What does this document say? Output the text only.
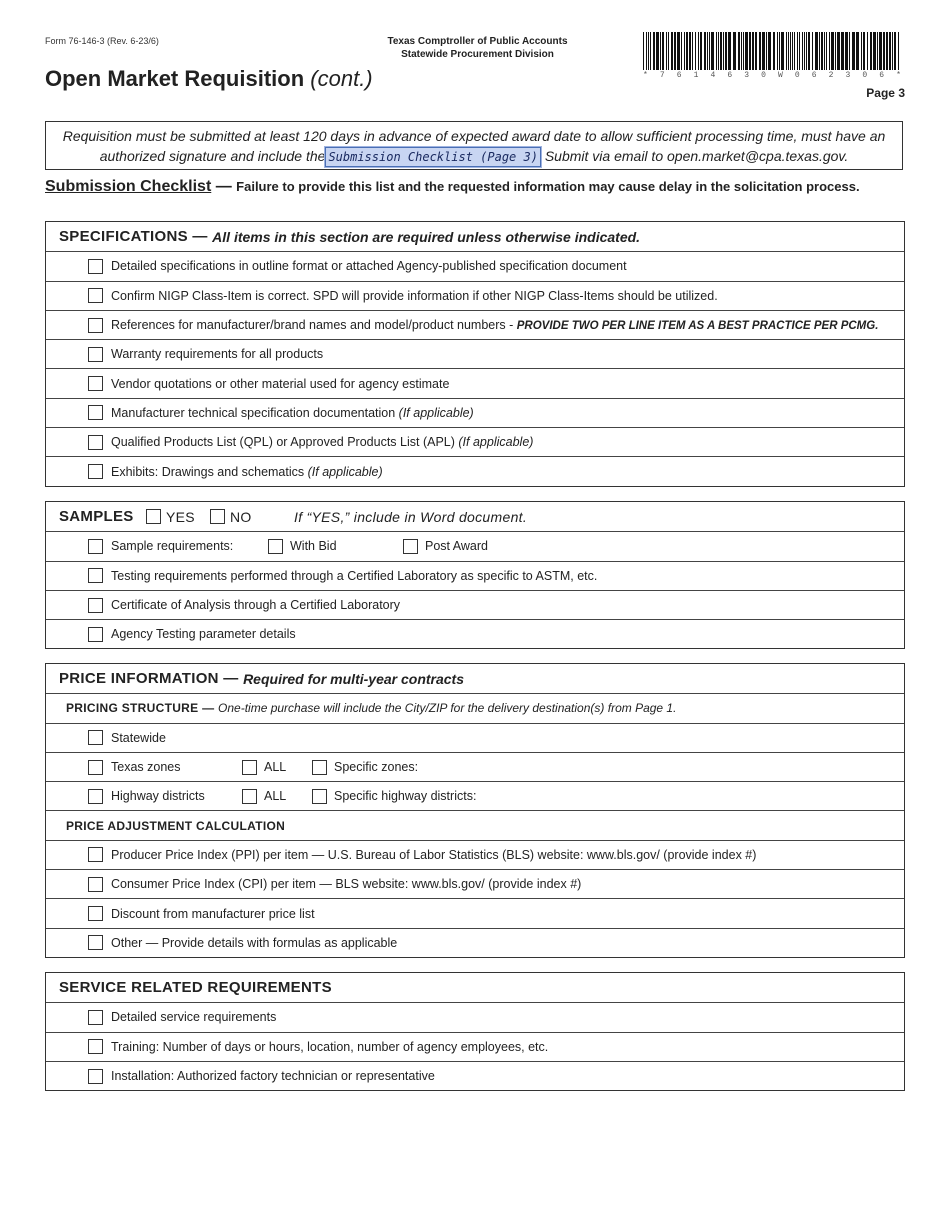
Form 76-146-3 (Rev. 6-23/6)	Texas Comptroller of Public Accounts
Statewide Procurement Division
Open Market Requisition (cont.)	* 7 6 1 4 6 3 0 W 0 6 2 3 0 6 *
Page 3
Requisition must be submitted at least 120 days in advance of expected award date to allow sufficient processing time, must have an authorized signature and include the Submission Checklist (Page 3) Submit via email to open.market@cpa.texas.gov.
Submission Checklist — Failure to provide this list and the requested information may cause delay in the solicitation process.
SPECIFICATIONS —
All items in this section are required unless otherwise indicated.
Detailed specifications in outline format or attached Agency-published specification document
Confirm NIGP Class-Item is correct. SPD will provide information if other NIGP Class-Items should be utilized.
References for manufacturer/brand names and model/product numbers - PROVIDE TWO PER LINE ITEM AS A BEST PRACTICE PER PCMG.
Warranty requirements for all products
Vendor quotations or other material used for agency estimate
Manufacturer technical specification documentation (If applicable)
Qualified Products List (QPL) or Approved Products List (APL) (If applicable)
Exhibits: Drawings and schematics (If applicable)
SAMPLES YES	NO	If “YES,” include in Word document.
Sample requirements:	With Bid	Post Award
Testing requirements performed through a Certified Laboratory as specific to ASTM, etc.
Certificate of Analysis through a Certified Laboratory
Agency Testing parameter details
PRICE INFORMATION —
Required for multi-year contracts
PRICING STRUCTURE —
One-time purchase will include the City/ZIP for the delivery destination(s) from Page 1.
Statewide
Texas zones	ALL	Specific zones:
Highway districts	ALL	Specific highway districts:
PRICE ADJUSTMENT CALCULATION
Producer Price Index (PPI) per item — U.S. Bureau of Labor Statistics (BLS) website: www.bls.gov/ (provide index #)
Consumer Price Index (CPI) per item — BLS website: www.bls.gov/ (provide index #)
Discount from manufacturer price list
Other — Provide details with formulas as applicable
SERVICE RELATED REQUIREMENTS
Detailed service requirements
Training: Number of days or hours, location, number of agency employees, etc.
Installation: Authorized factory technician or representative
